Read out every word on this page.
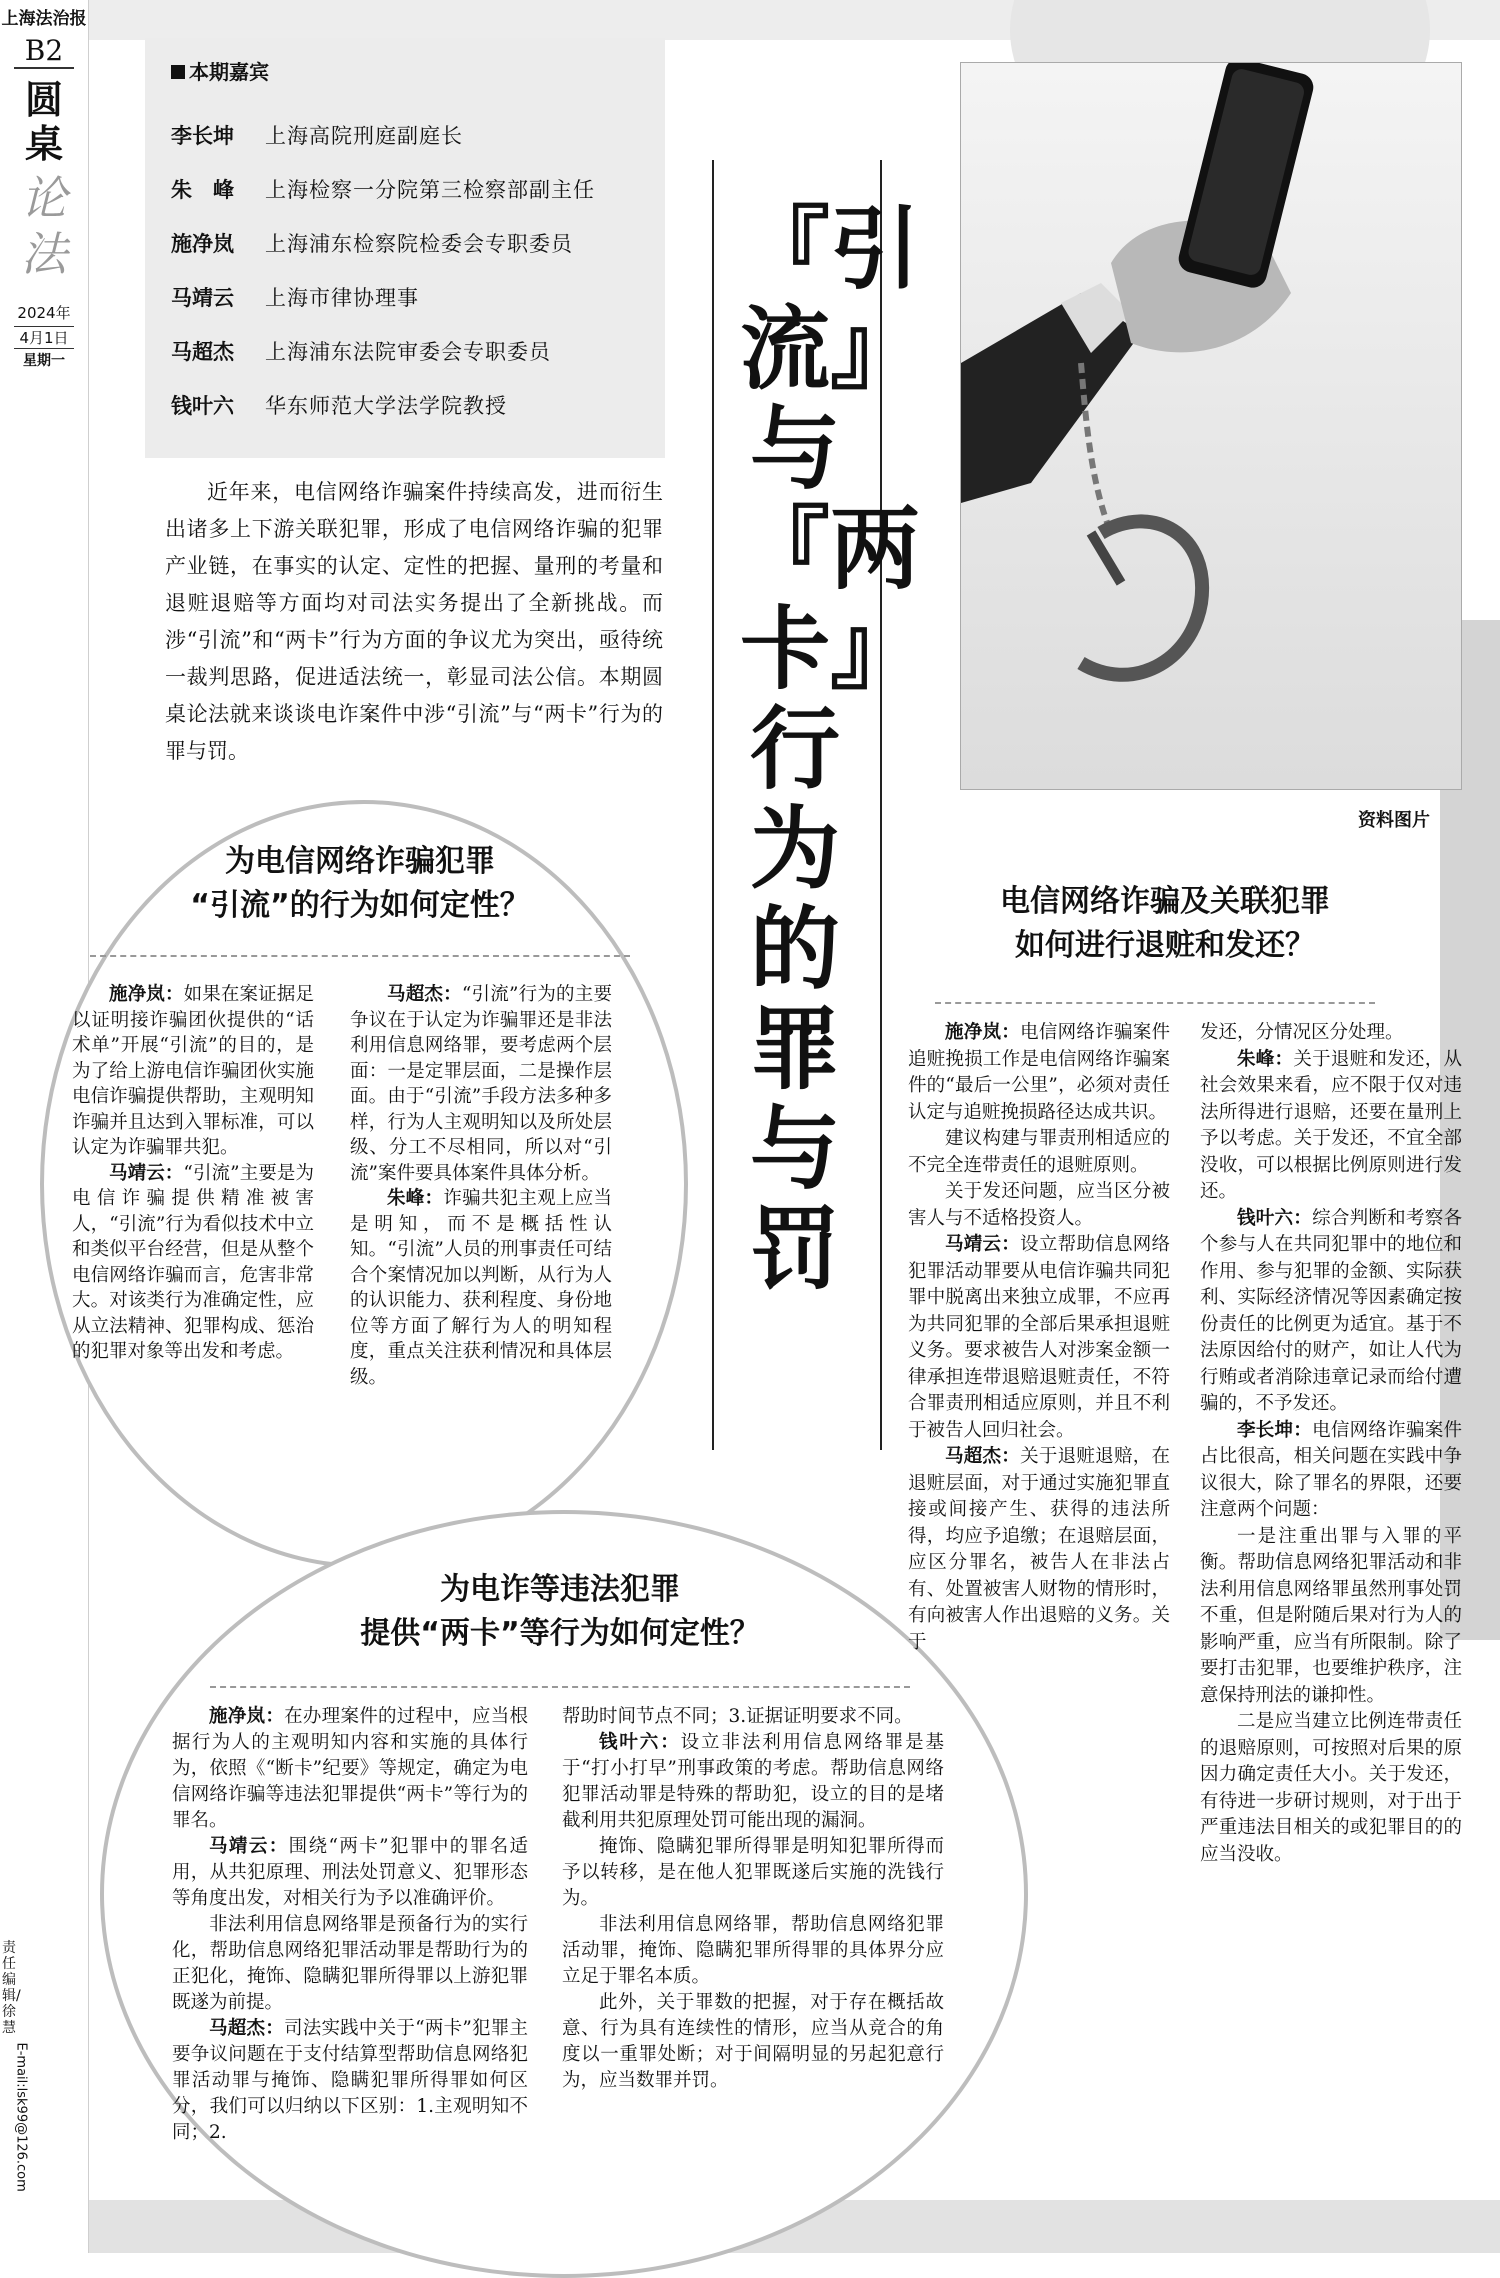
上海法治报
B2
圆桌
论法
2024年
4月1日
星期一
责任编辑/徐慧
E-mail:lsk99@126.com
本期嘉宾
李长坤 上海高院刑庭副庭长
朱　峰 上海检察一分院第三检察部副主任
施净岚 上海浦东检察院检委会专职委员
马靖云 上海市律协理事
马超杰 上海浦东法院审委会专职委员
钱叶六 华东师范大学法学院教授

近年来，电信网络诈骗案件持续高发，进而衍生出诸多上下游关联犯罪，形成了电信网络诈骗的犯罪产业链，在事实的认定、定性的把握、量刑的考量和退赃退赔等方面均对司法实务提出了全新挑战。而涉“引流”和“两卡”行为方面的争议尤为突出，亟待统一裁判思路，促进适法统一，彰显司法公信。本期圆桌论法就来谈谈电诈案件中涉“引流”与“两卡”行为的罪与罚。

『引流』与『两卡』行为的罪与罚
资料图片
为电信网络诈骗犯罪
“引流”的行为如何定性？

施净岚：如果在案证据足以证明接诈骗团伙提供的“话术单”开展“引流”的目的，是为了给上游电信诈骗团伙实施电信诈骗提供帮助，主观明知诈骗并且达到入罪标准，可以认定为诈骗罪共犯。

马靖云：“引流”主要是为电信诈骗提供精准被害人，“引流”行为看似技术中立和类似平台经营，但是从整个电信网络诈骗而言，危害非常大。对该类行为准确定性，应从立法精神、犯罪构成、惩治的犯罪对象等出发和考虑。

马超杰：“引流”行为的主要争议在于认定为诈骗罪还是非法利用信息网络罪，要考虑两个层面：一是定罪层面，二是操作层面。由于“引流”手段方法多种多样，行为人主观明知以及所处层级、分工不尽相同，所以对“引流”案件要具体案件具体分析。

朱峰：诈骗共犯主观上应当是明知，而不是概括性认知。“引流”人员的刑事责任可结合个案情况加以判断，从行为人的认识能力、获利程度、身份地位等方面了解行为人的明知程度，重点关注获利情况和具体层级。

为电诈等违法犯罪
提供“两卡”等行为如何定性？

施净岚：在办理案件的过程中，应当根据行为人的主观明知内容和实施的具体行为，依照《“断卡”纪要》等规定，确定为电信网络诈骗等违法犯罪提供“两卡”等行为的罪名。

马靖云：围绕“两卡”犯罪中的罪名适用，从共犯原理、刑法处罚意义、犯罪形态等角度出发，对相关行为予以准确评价。

非法利用信息网络罪是预备行为的实行化，帮助信息网络犯罪活动罪是帮助行为的正犯化，掩饰、隐瞒犯罪所得罪以上游犯罪既遂为前提。

马超杰：司法实践中关于“两卡”犯罪主要争议问题在于支付结算型帮助信息网络犯罪活动罪与掩饰、隐瞒犯罪所得罪如何区分，我们可以归纳以下区别：1.主观明知不同；2.

帮助时间节点不同；3.证据证明要求不同。

钱叶六：设立非法利用信息网络罪是基于“打小打早”刑事政策的考虑。帮助信息网络犯罪活动罪是特殊的帮助犯，设立的目的是堵截利用共犯原理处罚可能出现的漏洞。

掩饰、隐瞒犯罪所得罪是明知犯罪所得而予以转移，是在他人犯罪既遂后实施的洗钱行为。

非法利用信息网络罪，帮助信息网络犯罪活动罪，掩饰、隐瞒犯罪所得罪的具体界分应立足于罪名本质。

此外，关于罪数的把握，对于存在概括故意、行为具有连续性的情形，应当从竞合的角度以一重罪处断；对于间隔明显的另起犯意行为，应当数罪并罚。

电信网络诈骗及关联犯罪
如何进行退赃和发还？

施净岚：电信网络诈骗案件追赃挽损工作是电信网络诈骗案件的“最后一公里”，必须对责任认定与追赃挽损路径达成共识。

建议构建与罪责刑相适应的不完全连带责任的退赃原则。

关于发还问题，应当区分被害人与不适格投资人。

马靖云：设立帮助信息网络犯罪活动罪要从电信诈骗共同犯罪中脱离出来独立成罪，不应再为共同犯罪的全部后果承担退赃义务。要求被告人对涉案金额一律承担连带退赔退赃责任，不符合罪责刑相适应原则，并且不利于被告人回归社会。

马超杰：关于退赃退赔，在退赃层面，对于通过实施犯罪直接或间接产生、获得的违法所得，均应予追缴；在退赔层面，应区分罪名，被告人在非法占有、处置被害人财物的情形时，有向被害人作出退赔的义务。关于

发还，分情况区分处理。

朱峰：关于退赃和发还，从社会效果来看，应不限于仅对违法所得进行退赔，还要在量刑上予以考虑。关于发还，不宜全部没收，可以根据比例原则进行发还。

钱叶六：综合判断和考察各个参与人在共同犯罪中的地位和作用、参与犯罪的金额、实际获利、实际经济情况等因素确定按份责任的比例更为适宜。基于不法原因给付的财产，如让人代为行贿或者消除违章记录而给付遭骗的，不予发还。

李长坤：电信网络诈骗案件占比很高，相关问题在实践中争议很大，除了罪名的界限，还要注意两个问题：

一是注重出罪与入罪的平衡。帮助信息网络犯罪活动和非法利用信息网络罪虽然刑事处罚不重，但是附随后果对行为人的影响严重，应当有所限制。除了要打击犯罪，也要维护秩序，注意保持刑法的谦抑性。

二是应当建立比例连带责任的退赔原则，可按照对后果的原因力确定责任大小。关于发还，有待进一步研讨规则，对于出于严重违法目相关的或犯罪目的的应当没收。
